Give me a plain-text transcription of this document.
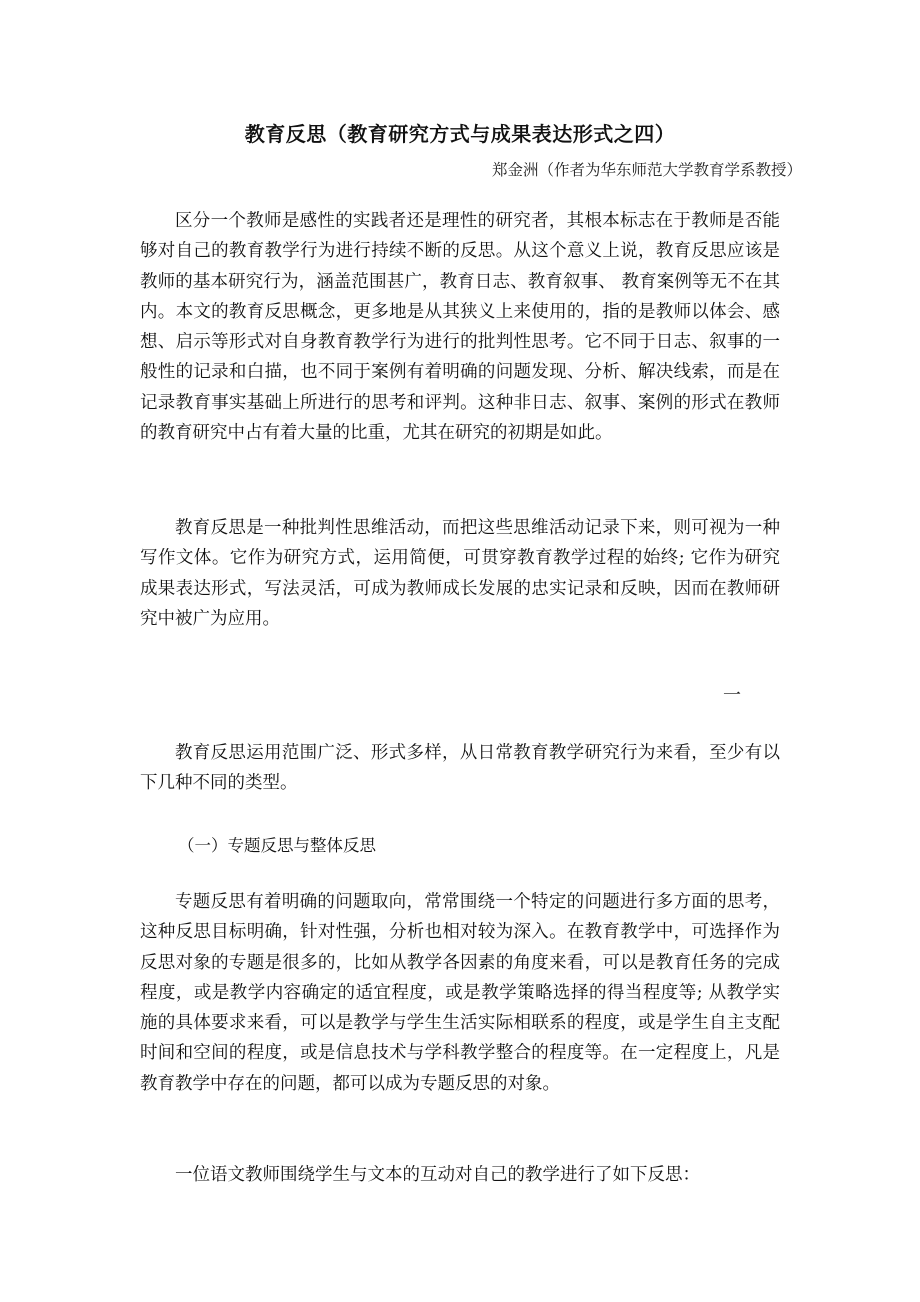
教育反思（教育研究方式与成果表达形式之四）
郑金洲（作者为华东师范大学教育学系教授）

区分一个教师是感性的实践者还是理性的研究者，其根本标志在于教师是否能够对自己的教育教学行为进行持续不断的反思。从这个意义上说，教育反思应该是教师的基本研究行为，涵盖范围甚广，教育日志、教育叙事、 教育案例等无不在其内。本文的教育反思概念，更多地是从其狭义上来使用的，指的是教师以体会、感想、启示等形式对自身教育教学行为进行的批判性思考。它不同于日志、叙事的一般性的记录和白描，也不同于案例有着明确的问题发现、分析、解决线索，而是在记录教育事实基础上所进行的思考和评判。这种非日志、叙事、案例的形式在教师的教育研究中占有着大量的比重，尤其在研究的初期是如此。

教育反思是一种批判性思维活动，而把这些思维活动记录下来，则可视为一种写作文体。它作为研究方式，运用简便，可贯穿教育教学过程的始终; 它作为研究成果表达形式，写法灵活，可成为教师成长发展的忠实记录和反映，因而在教师研究中被广为应用。

一

教育反思运用范围广泛、形式多样，从日常教育教学研究行为来看，至少有以下几种不同的类型。

（一）专题反思与整体反思

专题反思有着明确的问题取向，常常围绕一个特定的问题进行多方面的思考，这种反思目标明确，针对性强，分析也相对较为深入。在教育教学中，可选择作为反思对象的专题是很多的，比如从教学各因素的角度来看，可以是教育任务的完成程度，或是教学内容确定的适宜程度，或是教学策略选择的得当程度等; 从教学实施的具体要求来看，可以是教学与学生生活实际相联系的程度，或是学生自主支配时间和空间的程度，或是信息技术与学科教学整合的程度等。在一定程度上，凡是教育教学中存在的问题，都可以成为专题反思的对象。

一位语文教师围绕学生与文本的互动对自己的教学进行了如下反思：
